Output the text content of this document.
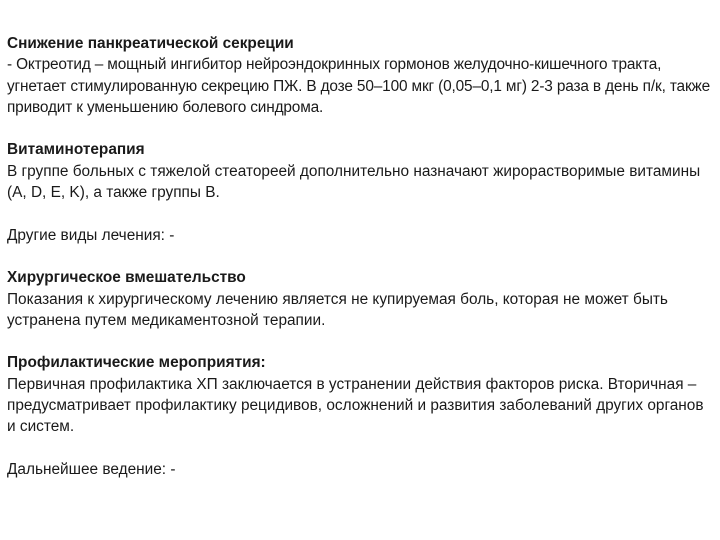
Снижение панкреатической секреции
- Октреотид – мощный ингибитор нейроэндокринных гормонов желудочно-кишечного тракта, угнетает стимулированную секрецию ПЖ. В дозе 50–100 мкг (0,05–0,1 мг) 2-3 раза в день п/к, также приводит к уменьшению болевого синдрома.
Витаминотерапия
В группе больных с тяжелой стеатореей дополнительно назначают жирорастворимые витамины (A, D, E, K), а также группы В.
Другие виды лечения: -
Хирургическое вмешательство
Показания к хирургическому лечению является не купируемая боль, которая не может быть устранена путем медикаментозной терапии.
Профилактические мероприятия:
Первичная профилактика ХП заключается в устранении действия факторов риска. Вторичная – предусматривает профилактику рецидивов, осложнений и развития заболеваний других органов и систем.
Дальнейшее ведение: -
